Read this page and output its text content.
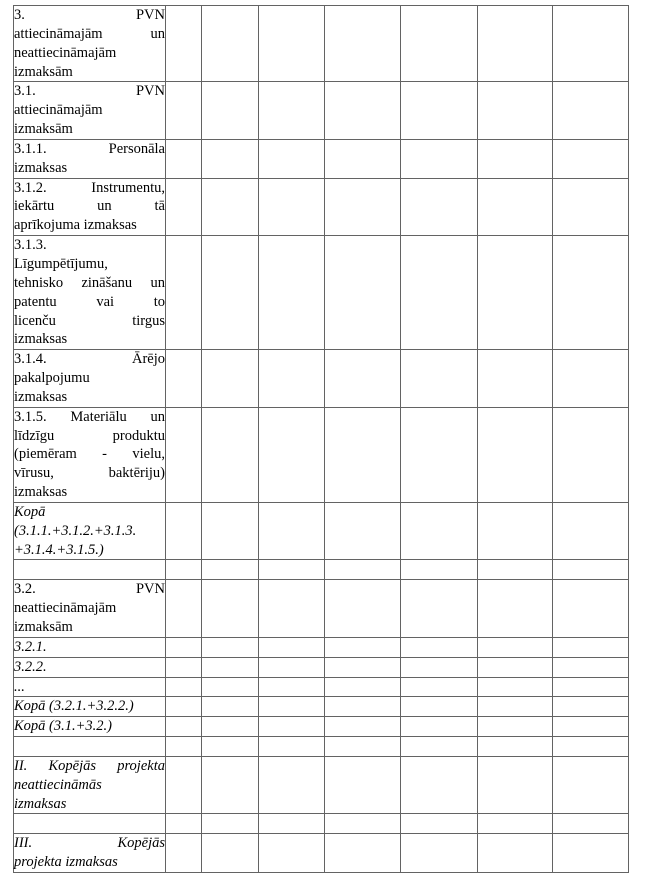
3. PVN
attiecināmajām un
neattiecināmajām
izmaksām							

3.1. PVN
attiecināmajām
izmaksām							

3.1.1. Personāla
izmaksas							

3.1.2. Instrumentu,
iekārtu un tā
aprīkojuma izmaksas							

3.1.3.
Līgumpētījumu,
tehnisko zināšanu un
patentu vai to
licenču tirgus
izmaksas

3.1.4. Ārējo
pakalpojumu
izmaksas							

3.1.5. Materiālu un
līdzīgu produktu
(piemēram - vielu,
vīrusu, baktēriju)
izmaksas							

Kopā
(3.1.1.+3.1.2.+3.1.3.
+3.1.4.+3.1.5.)							

3.2. PVN
neattiecināmajām
izmaksām							

3.2.1.							

3.2.2.							

...							

Kopā (3.2.1.+3.2.2.)							

Kopā (3.1.+3.2.)							

II. Kopējās projekta
neattiecināmās
izmaksas							

III. Kopējās
projekta izmaksas							
